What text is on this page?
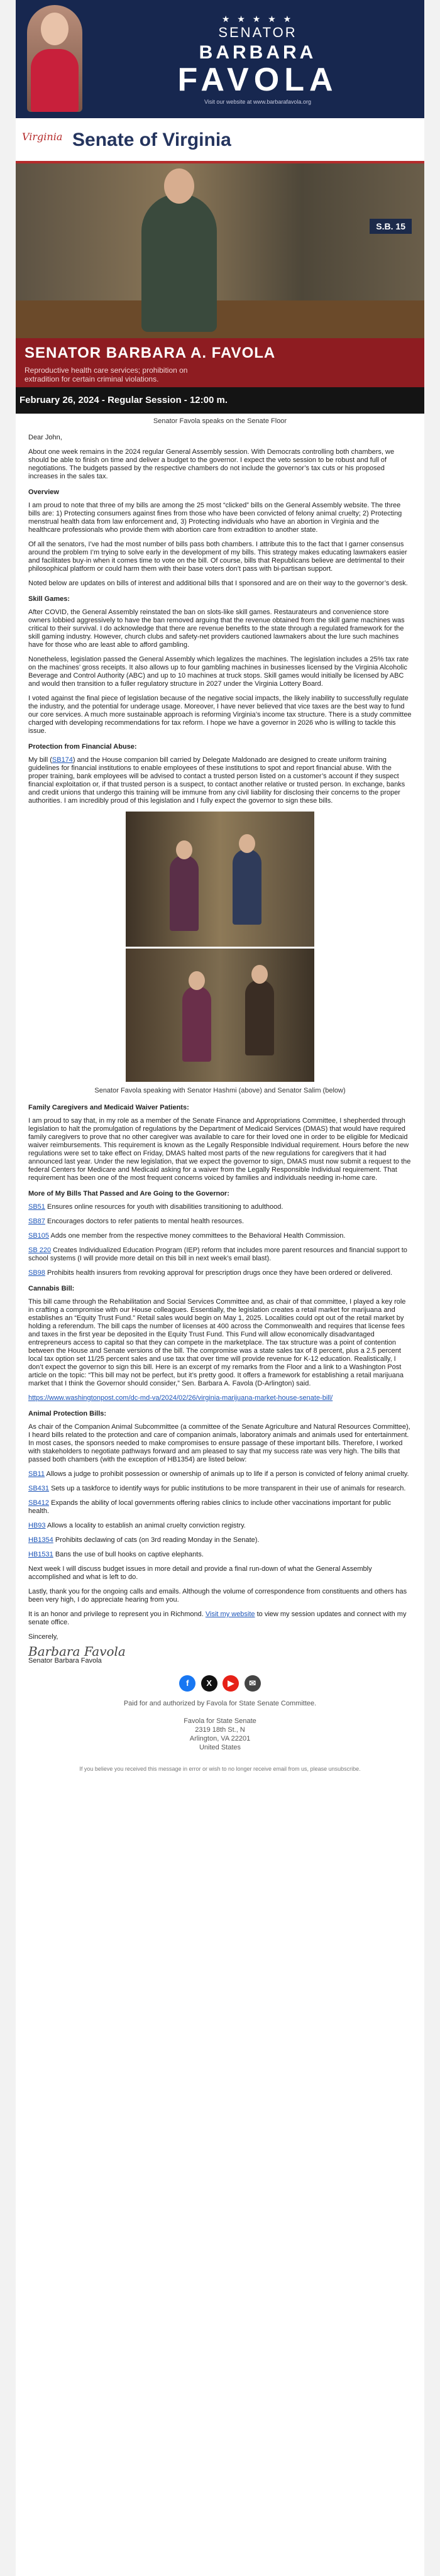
★ ★ ★ ★ ★
SENATOR
BARBARA
FAVOLA
Visit our website at www.barbarafavola.org
Virginia Senate of Virginia
S.B. 15
SENATOR BARBARA A. FAVOLA
Reproductive health care services; prohibition on extradition for certain criminal violations.
February 26, 2024 - Regular Session - 12:00 m.
Senator Favola speaks on the Senate Floor

Dear John,

About one week remains in the 2024 regular General Assembly session. With Democrats controlling both chambers, we should be able to finish on time and deliver a budget to the governor. I expect the veto session to be robust and full of negotiations. The budgets passed by the respective chambers do not include the governor’s tax cuts or his proposed increases in the sales tax.

Overview

I am proud to note that three of my bills are among the 25 most “clicked” bills on the General Assembly website. The three bills are: 1) Protecting consumers against fines from those who have been convicted of felony animal cruelty; 2) Protecting menstrual health data from law enforcement and, 3) Protecting individuals who have an abortion in Virginia and the healthcare professionals who provide them with abortion care from extradition to another state.

Of all the senators, I’ve had the most number of bills pass both chambers. I attribute this to the fact that I garner consensus around the problem I’m trying to solve early in the development of my bills. This strategy makes educating lawmakers easier and facilitates buy-in when it comes time to vote on the bill. Of course, bills that Republicans believe are detrimental to their philosophical platform or could harm them with their base voters don’t pass with bi-partisan support.

Noted below are updates on bills of interest and additional bills that I sponsored and are on their way to the governor’s desk.

Skill Games:

After COVID, the General Assembly reinstated the ban on slots-like skill games. Restaurateurs and convenience store owners lobbied aggressively to have the ban removed arguing that the revenue obtained from the skill game machines was critical to their survival. I do acknowledge that there are revenue benefits to the state through a regulated framework for the skill gaming industry. However, church clubs and safety-net providers cautioned lawmakers about the lure such machines have for those who are least able to afford gambling.

Nonetheless, legislation passed the General Assembly which legalizes the machines. The legislation includes a 25% tax rate on the machines’ gross receipts. It also allows up to four gambling machines in businesses licensed by the Virginia Alcoholic Beverage and Control Authority (ABC) and up to 10 machines at truck stops. Skill games would initially be licensed by ABC and would then transition to a fuller regulatory structure in 2027 under the Virginia Lottery Board.

I voted against the final piece of legislation because of the negative social impacts, the likely inability to successfully regulate the industry, and the potential for underage usage. Moreover, I have never believed that vice taxes are the best way to fund our core services. A much more sustainable approach is reforming Virginia’s income tax structure. There is a study committee charged with developing recommendations for tax reform. I hope we have a governor in 2026 who is willing to tackle this issue.

Protection from Financial Abuse:

My bill (SB174) and the House companion bill carried by Delegate Maldonado are designed to create uniform training guidelines for financial institutions to enable employees of these institutions to spot and report financial abuse. With the proper training, bank employees will be advised to contact a trusted person listed on a customer’s account if they suspect financial exploitation or, if that trusted person is a suspect, to contact another relative or trusted person. In exchange, banks and credit unions that undergo this training will be immune from any civil liability for disclosing their concerns to the proper authorities. I am incredibly proud of this legislation and I fully expect the governor to sign these bills.

Senator Favola speaking with Senator Hashmi (above) and Senator Salim (below)
Family Caregivers and Medicaid Waiver Patients:

I am proud to say that, in my role as a member of the Senate Finance and Appropriations Committee, I shepherded through legislation to halt the promulgation of regulations by the Department of Medicaid Services (DMAS) that would have required family caregivers to prove that no other caregiver was available to care for their loved one in order to be eligible for Medicaid waiver reimbursements. This requirement is known as the Legally Responsible Individual requirement. Hours before the new regulations were set to take effect on Friday, DMAS halted most parts of the new regulations for caregivers that it had announced last year. Under the new legislation, that we expect the governor to sign, DMAS must now submit a request to the federal Centers for Medicare and Medicaid asking for a waiver from the Legally Responsible Individual requirement. That requirement has been one of the most frequent concerns voiced by families and individuals needing in-home care.

More of My Bills That Passed and Are Going to the Governor:

SB51 Ensures online resources for youth with disabilities transitioning to adulthood.

SB87 Encourages doctors to refer patients to mental health resources.

SB105 Adds one member from the respective money committees to the Behavioral Health Commission.

SB 220 Creates Individualized Education Program (IEP) reform that includes more parent resources and financial support to school systems (I will provide more detail on this bill in next week’s email blast).

SB98 Prohibits health insurers from revoking approval for prescription drugs once they have been ordered or delivered.

Cannabis Bill:

This bill came through the Rehabilitation and Social Services Committee and, as chair of that committee, I played a key role in crafting a compromise with our House colleagues. Essentially, the legislation creates a retail market for marijuana and establishes an “Equity Trust Fund.” Retail sales would begin on May 1, 2025. Localities could opt out of the retail market by holding a referendum. The bill caps the number of licenses at 400 across the Commonwealth and requires that license fees and taxes in the first year be deposited in the Equity Trust Fund. This Fund will allow economically disadvantaged entrepreneurs access to capital so that they can compete in the marketplace. The tax structure was a point of contention between the House and Senate versions of the bill. The compromise was a state sales tax of 8 percent, plus a 2.5 percent local tax option set 11/25 percent sales and use tax that over time will provide revenue for K-12 education. Realistically, I don’t expect the governor to sign this bill. Here is an excerpt of my remarks from the Floor and a link to a Washington Post article on the topic: “This bill may not be perfect, but it’s pretty good. It offers a framework for establishing a retail marijuana market that I think the Governor should consider,” Sen. Barbara A. Favola (D-Arlington) said.

https://www.washingtonpost.com/dc-md-va/2024/02/26/virginia-marijuana-market-house-senate-bill/

Animal Protection Bills:

As chair of the Companion Animal Subcommittee (a committee of the Senate Agriculture and Natural Resources Committee), I heard bills related to the protection and care of companion animals, laboratory animals and animals used for entertainment. In most cases, the sponsors needed to make compromises to ensure passage of these important bills. Therefore, I worked with stakeholders to negotiate pathways forward and am pleased to say that my success rate was very high. The bills that passed both chambers (with the exception of HB1354) are listed below:

SB11 Allows a judge to prohibit possession or ownership of animals up to life if a person is convicted of felony animal cruelty.

SB431 Sets up a taskforce to identify ways for public institutions to be more transparent in their use of animals for research.

SB412 Expands the ability of local governments offering rabies clinics to include other vaccinations important for public health.

HB93 Allows a locality to establish an animal cruelty conviction registry.

HB1354 Prohibits declawing of cats (on 3rd reading Monday in the Senate).

HB1531 Bans the use of bull hooks on captive elephants.

Next week I will discuss budget issues in more detail and provide a final run-down of what the General Assembly accomplished and what is left to do.

Lastly, thank you for the ongoing calls and emails. Although the volume of correspondence from constituents and others has been very high, I do appreciate hearing from you.

It is an honor and privilege to represent you in Richmond. Visit my website to view my session updates and connect with my senate office.

Sincerely,

Barbara Favola

Senator Barbara Favola

f X ▶ ✉
Paid for and authorized by Favola for State Senate Committee.
Favola for State Senate
2319 18th St., N
Arlington, VA 22201
United States
If you believe you received this message in error or wish to no longer receive email from us, please unsubscribe.
